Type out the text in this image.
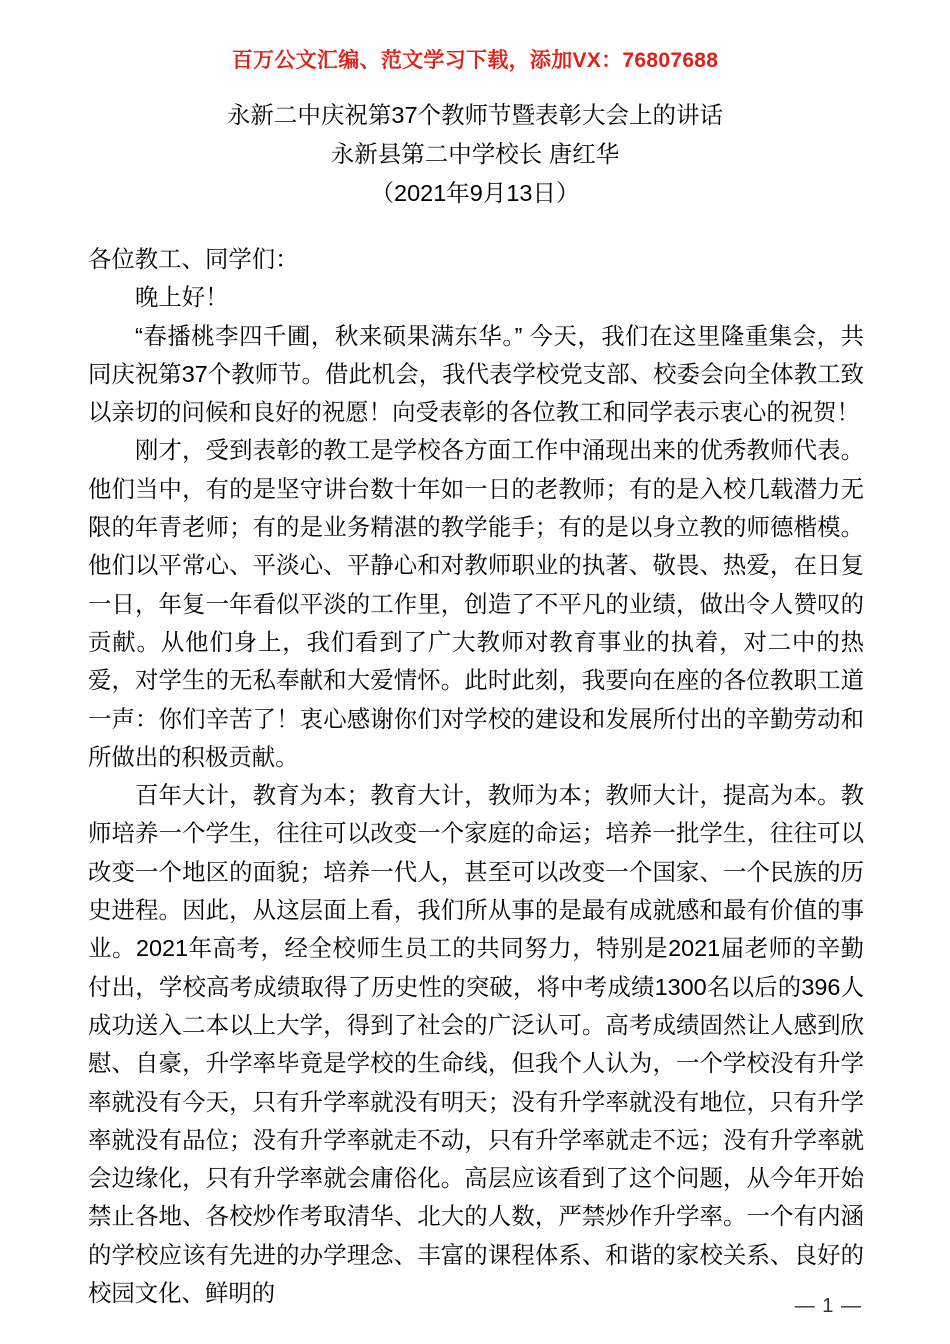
百万公文汇编、范文学习下载，添加VX：76807688
永新二中庆祝第37个教师节暨表彰大会上的讲话
永新县第二中学校长 唐红华
（2021年9月13日）

各位教工、同学们：

晚上好！

“春播桃李四千圃，秋来硕果满东华。” 今天，我们在这里隆重集会，共同庆祝第37个教师节。借此机会，我代表学校党支部、校委会向全体教工致以亲切的问候和良好的祝愿！向受表彰的各位教工和同学表示衷心的祝贺！

刚才，受到表彰的教工是学校各方面工作中涌现出来的优秀教师代表。他们当中，有的是坚守讲台数十年如一日的老教师；有的是入校几载潜力无限的年青老师；有的是业务精湛的教学能手；有的是以身立教的师德楷模。他们以平常心、平淡心、平静心和对教师职业的执著、敬畏、热爱，在日复一日，年复一年看似平淡的工作里，创造了不平凡的业绩，做出令人赞叹的贡献。从他们身上，我们看到了广大教师对教育事业的执着，对二中的热爱，对学生的无私奉献和大爱情怀。此时此刻，我要向在座的各位教职工道一声：你们辛苦了！衷心感谢你们对学校的建设和发展所付出的辛勤劳动和所做出的积极贡献。

百年大计，教育为本；教育大计，教师为本；教师大计，提高为本。教师培养一个学生，往往可以改变一个家庭的命运；培养一批学生，往往可以改变一个地区的面貌；培养一代人，甚至可以改变一个国家、一个民族的历史进程。因此，从这层面上看，我们所从事的是最有成就感和最有价值的事业。2021年高考，经全校师生员工的共同努力，特别是2021届老师的辛勤付出，学校高考成绩取得了历史性的突破，将中考成绩1300名以后的396人成功送入二本以上大学，得到了社会的广泛认可。高考成绩固然让人感到欣慰、自豪，升学率毕竟是学校的生命线，但我个人认为，一个学校没有升学率就没有今天，只有升学率就没有明天；没有升学率就没有地位，只有升学率就没有品位；没有升学率就走不动，只有升学率就走不远；没有升学率就会边缘化，只有升学率就会庸俗化。高层应该看到了这个问题，从今年开始禁止各地、各校炒作考取清华、北大的人数，严禁炒作升学率。一个有内涵的学校应该有先进的办学理念、丰富的课程体系、和谐的家校关系、良好的校园文化、鲜明的	— 1 —
